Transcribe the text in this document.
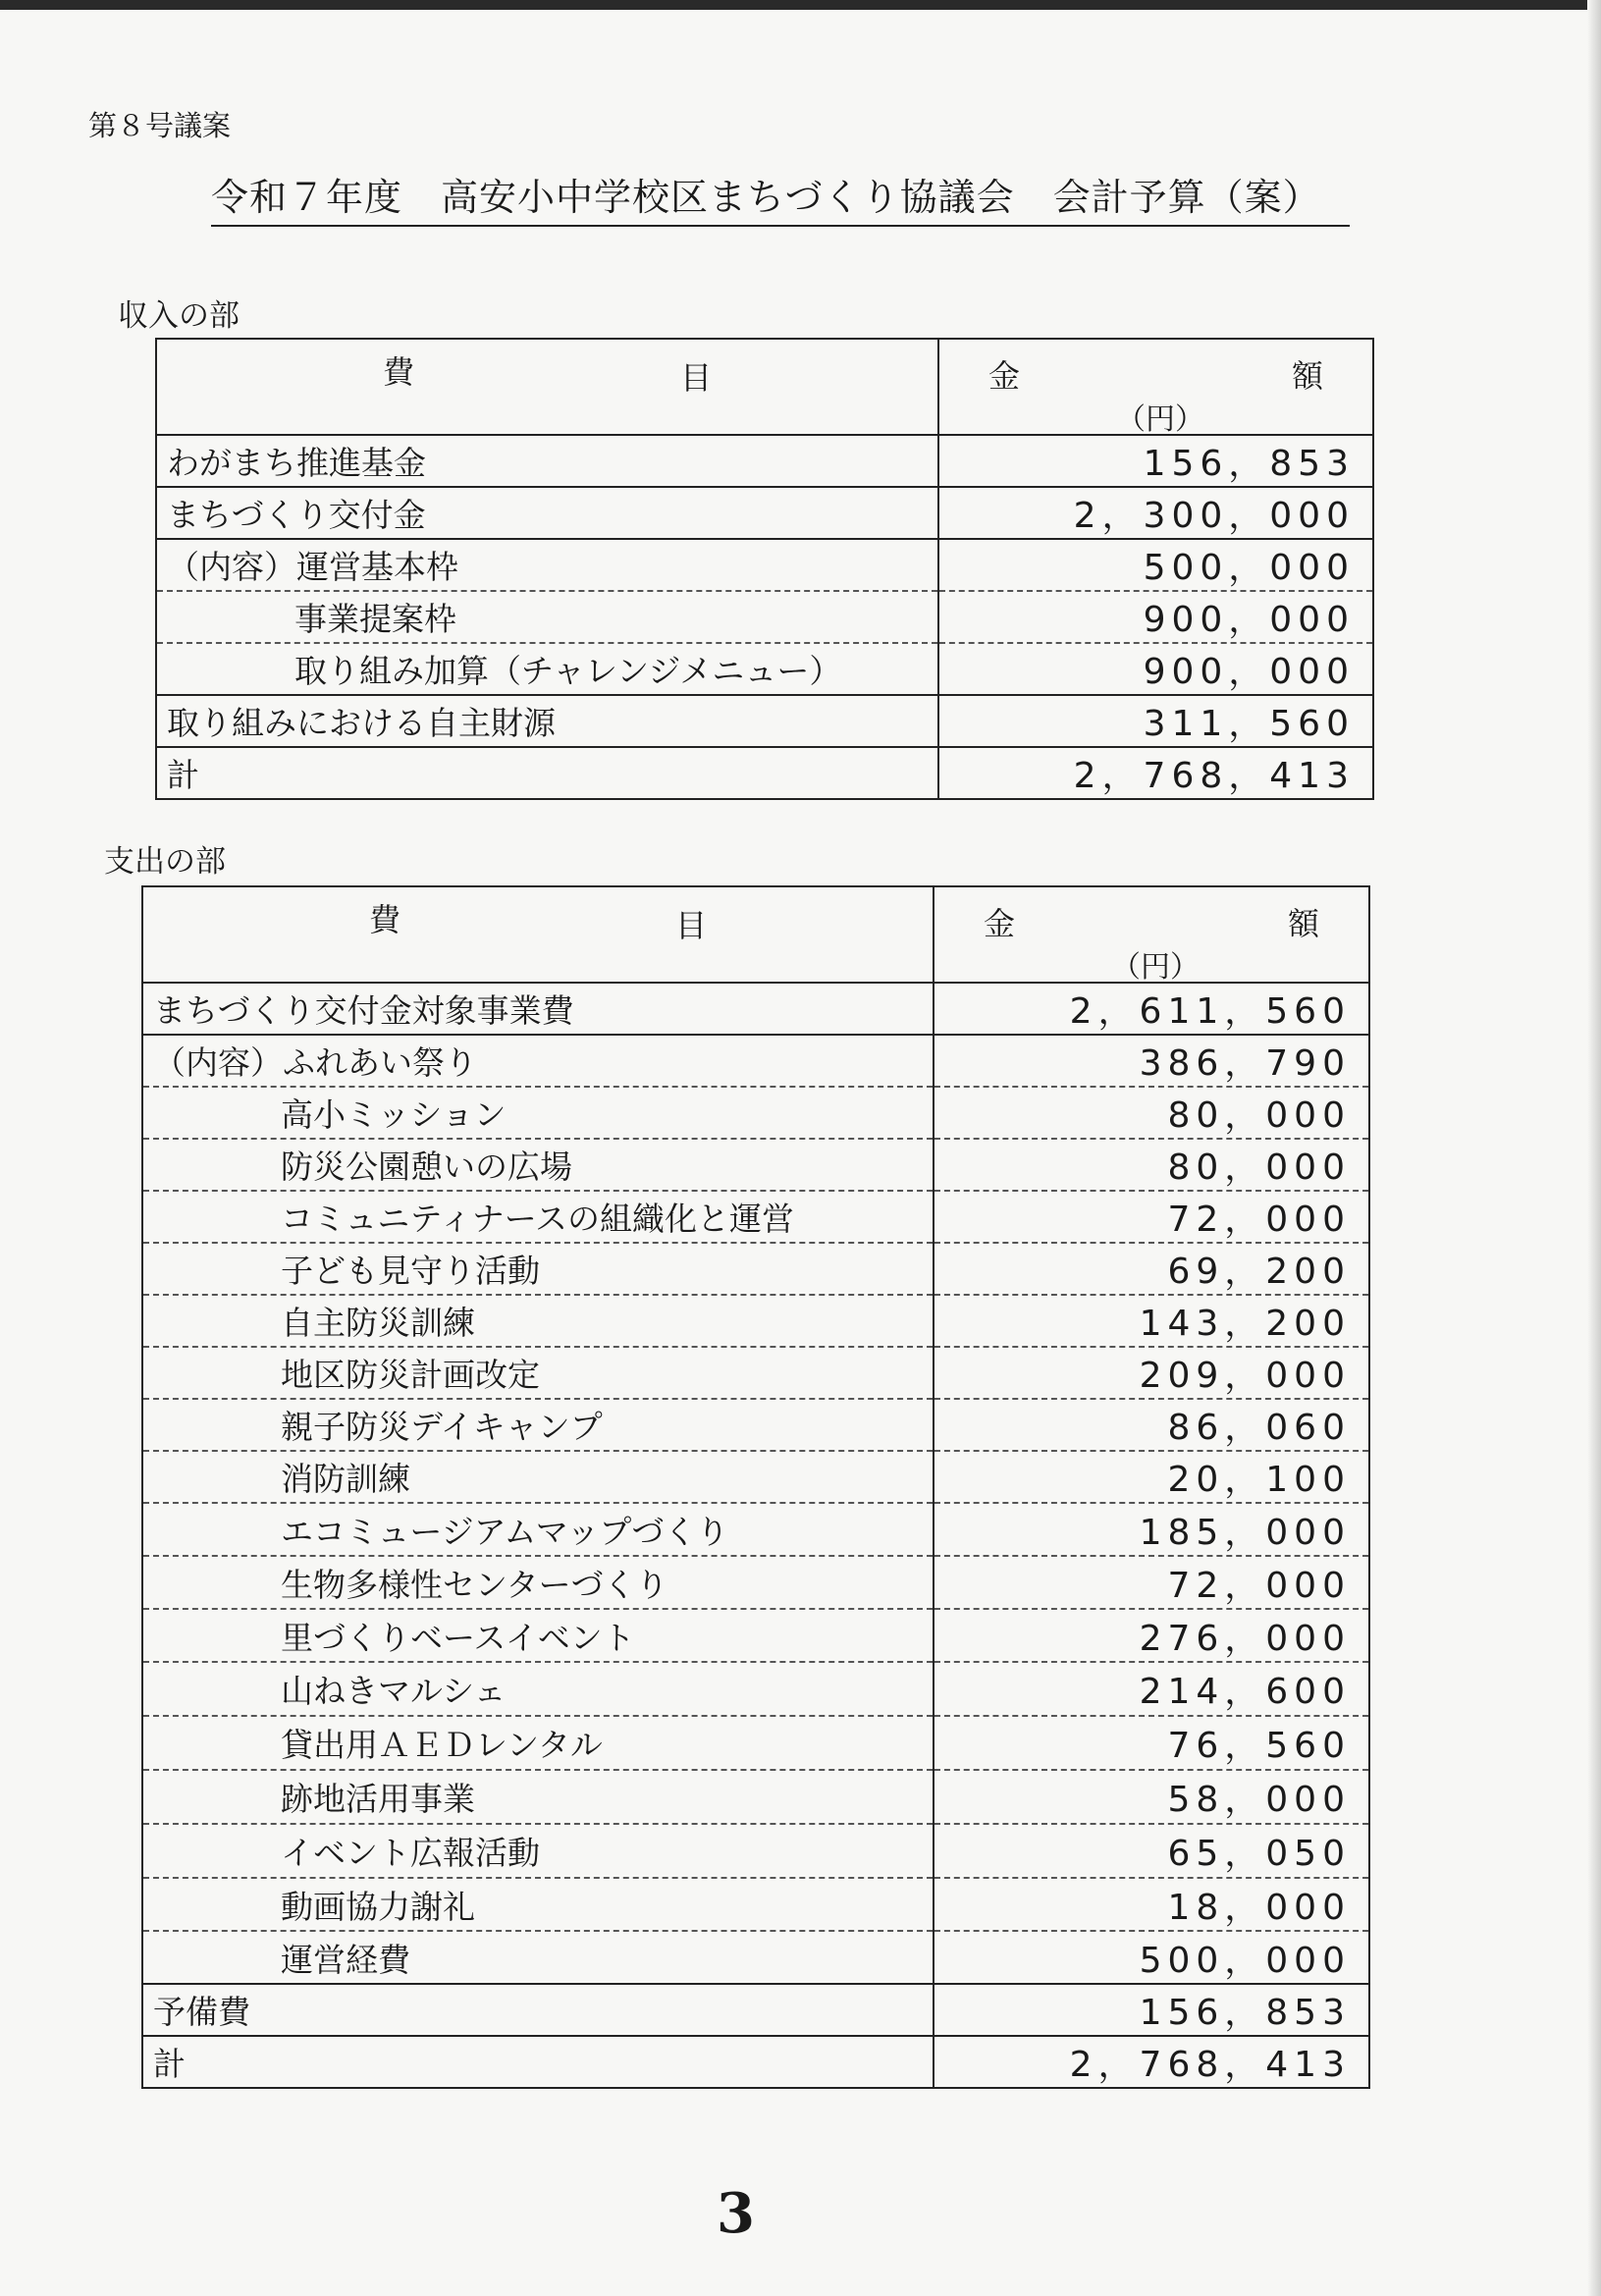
第８号議案
令和７年度　高安小中学校区まちづくり協議会　会計予算（案）
収入の部
費 目	金 額
（円）

わがまち推進基金	156，853
まちづくり交付金	2，300，000
（内容）運営基本枠	500，000
事業提案枠	900，000
取り組み加算（チャレンジメニュー）	900，000
取り組みにおける自主財源	311，560
計	2，768，413
支出の部
費 目	金 額
（円）

まちづくり交付金対象事業費	2，611，560
（内容）ふれあい祭り	386，790
高小ミッション	80，000
防災公園憩いの広場	80，000
コミュニティナースの組織化と運営	72，000
子ども見守り活動	69，200
自主防災訓練	143，200
地区防災計画改定	209，000
親子防災デイキャンプ	86，060
消防訓練	20，100
エコミュージアムマップづくり	185，000
生物多様性センターづくり	72，000
里づくりベースイベント	276，000
山ねきマルシェ	214，600
貸出用ＡＥＤレンタル	76，560
跡地活用事業	58，000
イベント広報活動	65，050
動画協力謝礼	18，000
運営経費	500，000
予備費	156，853
計	2，768，413
3
